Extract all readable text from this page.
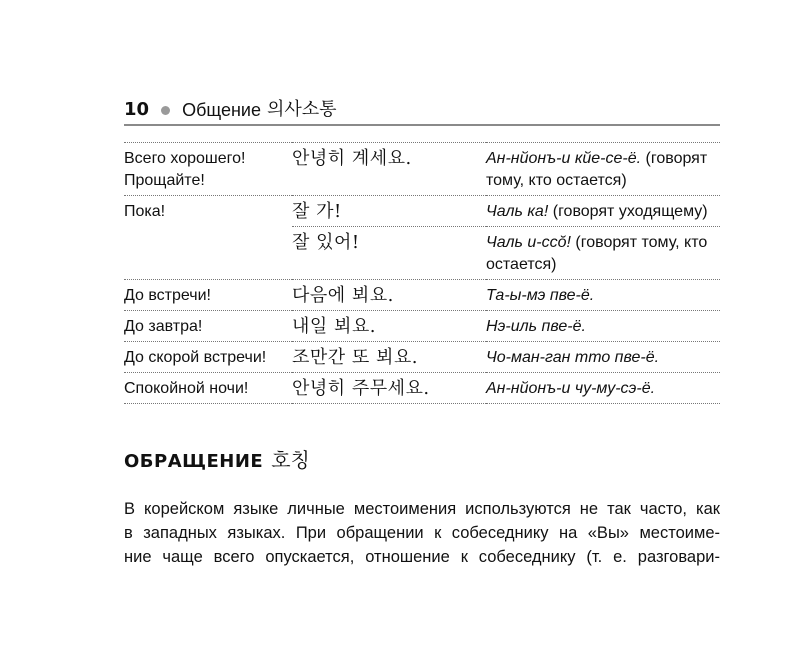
10 Общение 의사소통
Всего хорошего!
Прощайте!	안녕히 계세요.	Ан-нйонъ-и кйе-се-ё. (говорят тому, кто остается)

Пока!	잘 가!	Чаль ка! (говорят уходящему)
	잘 있어!	Чаль и-ссŏ! (говорят тому, кто остается)

До встречи!	다음에 뵈요.	Та-ы-мэ пве-ё.

До завтра!	내일 뵈요.	Нэ-иль пве-ё.

До скорой встречи!	조만간 또 뵈요.	Чо-ман-ган тто пве-ё.

Спокойной ночи!	안녕히 주무세요.	Ан-нйонъ-и чу-му-сэ-ё.
ОБРАЩЕНИЕ 호칭

В корейском языке личные местоимения используются не так часто, как
в западных языках. При обращении к собеседнику на «Вы» местоиме-
ние чаще всего опускается, отношение к собеседнику (т. е. разговари-
